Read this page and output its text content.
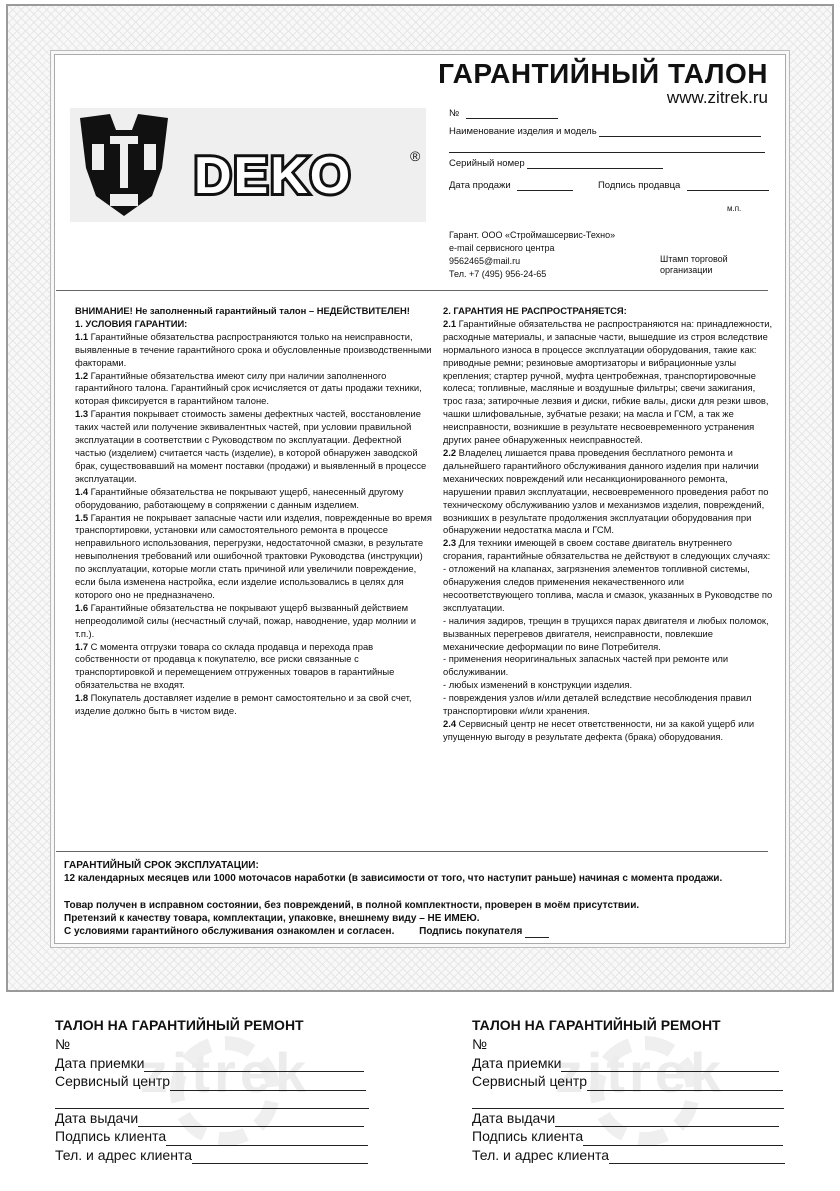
ГАРАНТИЙНЫЙ ТАЛОН
www.zitrek.ru
DEKO	®
№
Наименование изделия и модель
Серийный номер
Дата продажи	Подпись продавца
м.п.
Гарант. ООО «Строймашсервис-Техно»
e-mail сервисного центра
9562465@mail.ru
Тел. +7 (495) 956-24-65
Штамп торговой
организации

ВНИМАНИЕ! Не заполненный гарантийный талон – НЕДЕЙСТВИТЕЛЕН!

1. УСЛОВИЯ ГАРАНТИИ:

1.1 Гарантийные обязательства распространяются только на неисправности, выявленные в течение гарантийного срока и обусловленные производственными факторами.

1.2 Гарантийные обязательства имеют силу при наличии заполненного гарантийного талона. Гарантийный срок исчисляется от даты продажи техники, которая фиксируется в гарантийном талоне.

1.3 Гарантия покрывает стоимость замены дефектных частей, восстановление таких частей или получение эквивалентных частей, при условии правильной эксплуатации в соответствии с Руководством по эксплуатации. Дефектной частью (изделием) считается часть (изделие), в которой обнаружен заводской брак, существовавший на момент поставки (продажи) и выявленный в процессе эксплуатации.

1.4 Гарантийные обязательства не покрывают ущерб, нанесенный другому оборудованию, работающему в сопряжении с данным изделием.

1.5 Гарантия не покрывает запасные части или изделия, поврежденные во время транспортировки, установки или самостоятельного ремонта в процессе неправильного использования, перегрузки, недостаточной смазки, в результате невыполнения требований или ошибочной трактовки Руководства (инструкции) по эксплуатации, которые могли стать причиной или увеличили повреждение, если была изменена настройка, если изделие использовались в целях для которого оно не предназначено.

1.6 Гарантийные обязательства не покрывают ущерб вызванный действием непреодолимой силы (несчастный случай, пожар, наводнение, удар молнии и т.п.).

1.7 С момента отгрузки товара со склада продавца и перехода прав собственности от продавца к покупателю, все риски связанные с транспортировкой и перемещением отгруженных товаров в гарантийные обязательства не входят.

1.8 Покупатель доставляет изделие в ремонт самостоятельно и за свой счет, изделие должно быть в чистом виде.

2. ГАРАНТИЯ НЕ РАСПРОСТРАНЯЕТСЯ:

2.1 Гарантийные обязательства не распространяются на: принадлежности, расходные материалы, и запасные части, вышедшие из строя вследствие нормального износа в процессе эксплуатации оборудования, такие как: приводные ремни; резиновые амортизаторы и вибрационные узлы крепления; стартер ручной, муфта центробежная, транспортировочные колеса; топливные, масляные и воздушные фильтры; свечи зажигания, трос газа; затирочные лезвия и диски, гибкие валы, диски для резки швов, чашки шлифовальные, зубчатые резаки; на масла и ГСМ, а так же неисправности, возникшие в результате несвоевременного устранения других ранее обнаруженных неисправностей.

2.2 Владелец лишается права проведения бесплатного ремонта и дальнейшего гарантийного обслуживания данного изделия при наличии механических повреждений или несанкционированного ремонта, нарушении правил эксплуатации, несвоевременного проведения работ по техническому обслуживанию узлов и механизмов изделия, повреждений, возникших в результате продолжения эксплуатации оборудования при обнаружении недостатка масла и ГСМ.

2.3 Для техники имеющей в своем составе двигатель внутреннего сгорания, гарантийные обязательства не действуют в следующих случаях:

- отложений на клапанах, загрязнения элементов топливной системы, обнаружения следов применения некачественного или несоответствующего топлива, масла и смазок, указанных в Руководстве по эксплуатации.

- наличия задиров, трещин в трущихся парах двигателя и любых поломок, вызванных перегревов двигателя, неисправности, повлекшие механические деформации по вине Потребителя.

- применения неоригинальных запасных частей при ремонте или обслуживании.

- любых изменений в конструкции изделия.

- повреждения узлов и/или деталей вследствие несоблюдения правил транспортировки и/или хранения.

2.4 Сервисный центр не несет ответственности, ни за какой ущерб или упущенную выгоду в результате дефекта (брака) оборудования.

ГАРАНТИЙНЫЙ СРОК ЭКСПЛУАТАЦИИ:
12 календарных месяцев или 1000 моточасов наработки (в зависимости от того, что наступит раньше) начиная с момента продажи.
Товар получен в исправном состоянии, без повреждений, в полной комплектности, проверен в моём присутствии.
Претензий к качеству товара, комплектации, упаковке, внешнему виду – НЕ ИМЕЮ.
С условиями гарантийного обслуживания ознакомлен и согласен. Подпись покупателя
zitrek	zitrek
ТАЛОН НА ГАРАНТИЙНЫЙ РЕМОНТ
№
Дата приемки
Сервисный центр
Дата выдачи
Подпись клиента
Тел. и адрес клиента
ТАЛОН НА ГАРАНТИЙНЫЙ РЕМОНТ
№
Дата приемки
Сервисный центр
Дата выдачи
Подпись клиента
Тел. и адрес клиента
